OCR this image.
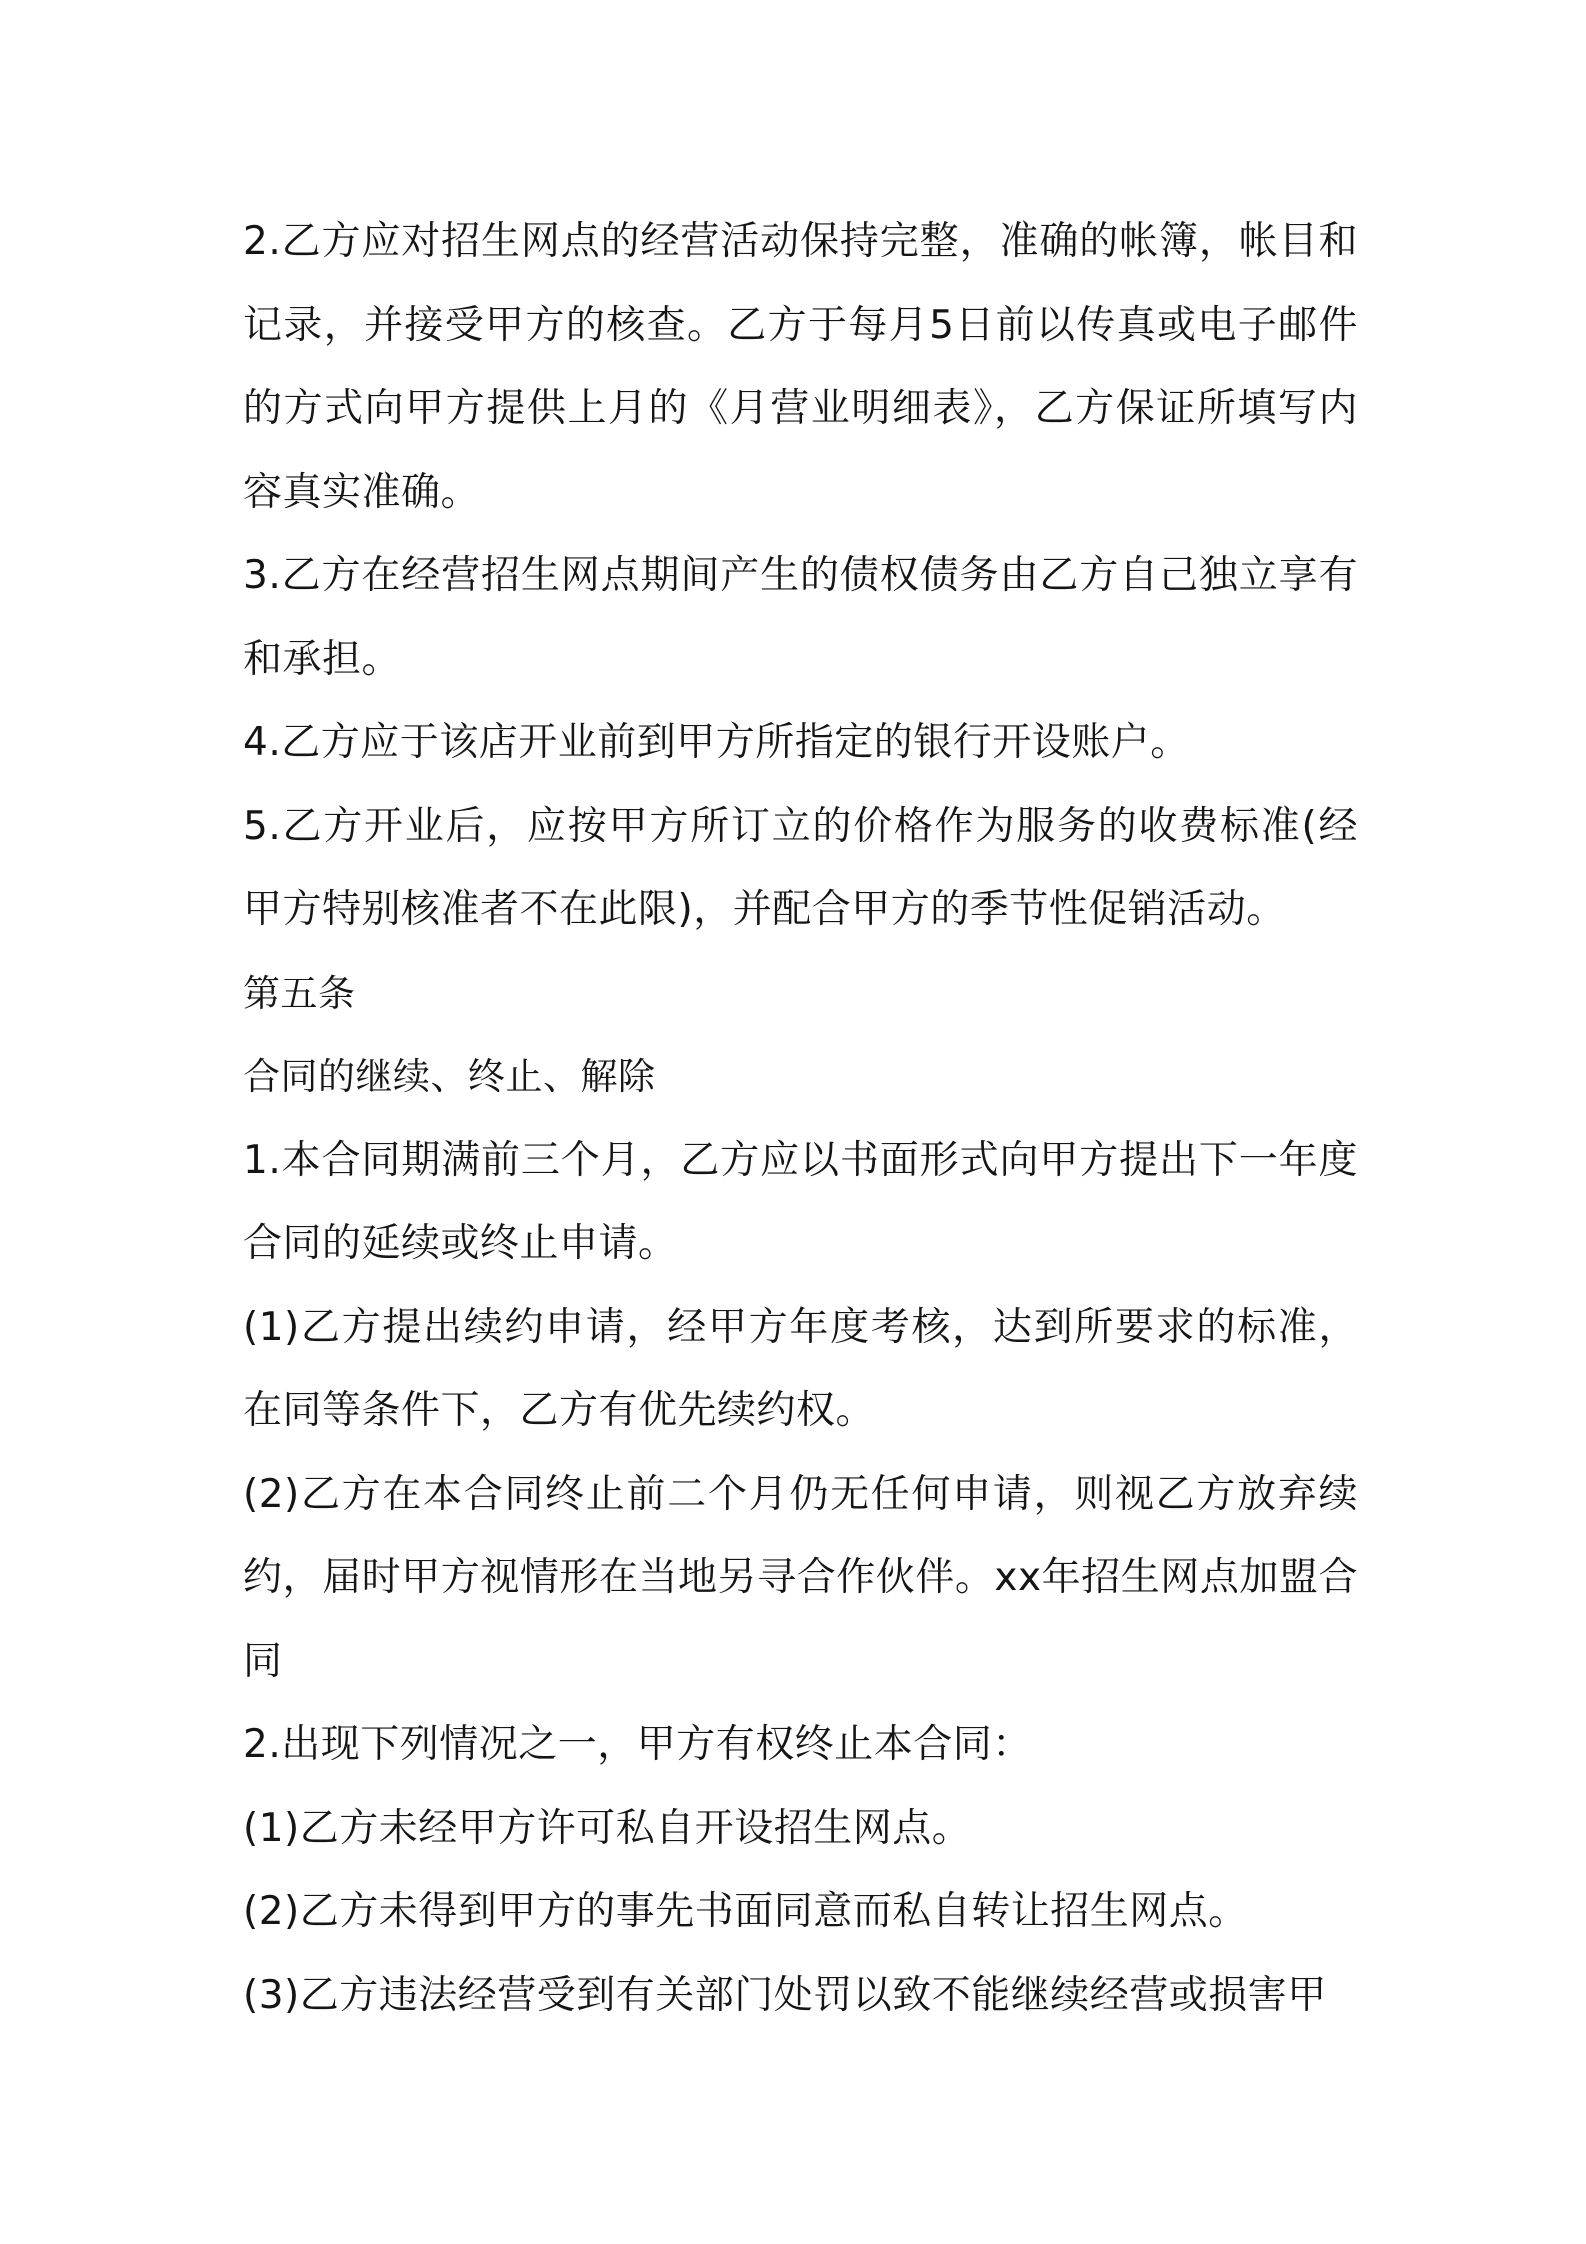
2.乙方应对招生网点的经营活动保持完整，准确的帐簿，帐目和记录，并接受甲方的核查。乙方于每月5日前以传真或电子邮件的方式向甲方提供上月的《月营业明细表》，乙方保证所填写内容真实准确。

3.乙方在经营招生网点期间产生的债权债务由乙方自己独立享有和承担。

4.乙方应于该店开业前到甲方所指定的银行开设账户。

5.乙方开业后，应按甲方所订立的价格作为服务的收费标准(经甲方特别核准者不在此限)，并配合甲方的季节性促销活动。

第五条

合同的继续、终止、解除

1.本合同期满前三个月，乙方应以书面形式向甲方提出下一年度合同的延续或终止申请。

(1)乙方提出续约申请，经甲方年度考核，达到所要求的标准，在同等条件下，乙方有优先续约权。

(2)乙方在本合同终止前二个月仍无任何申请，则视乙方放弃续约，届时甲方视情形在当地另寻合作伙伴。xx年招生网点加盟合同

2.出现下列情况之一，甲方有权终止本合同：

(1)乙方未经甲方许可私自开设招生网点。

(2)乙方未得到甲方的事先书面同意而私自转让招生网点。

(3)乙方违法经营受到有关部门处罚以致不能继续经营或损害甲
